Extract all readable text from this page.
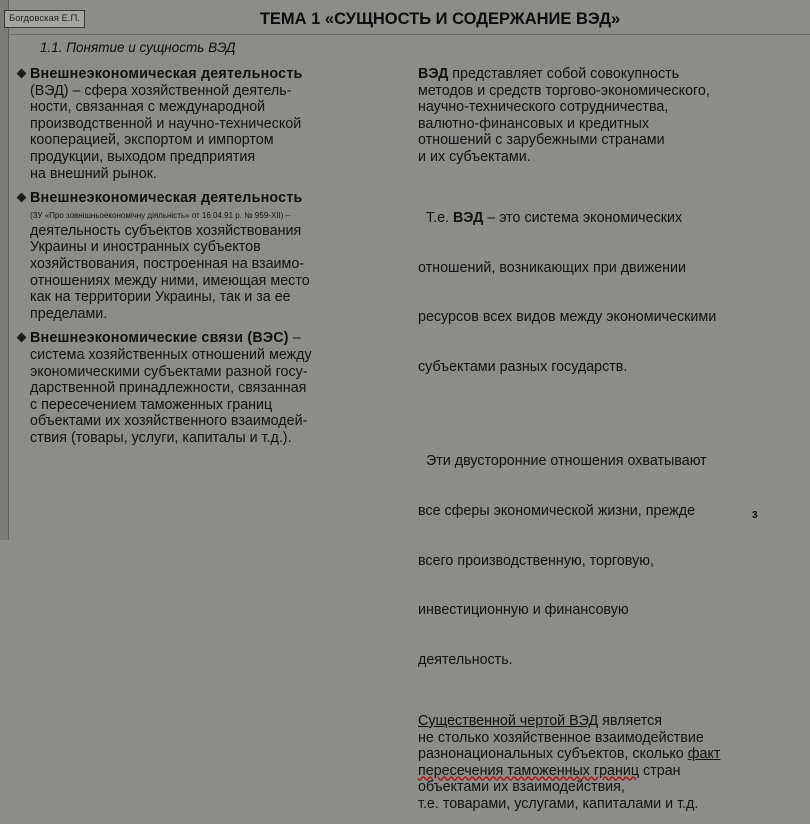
Богдовская Е.П.	ТЕМА 1 «СУЩНОСТЬ И СОДЕРЖАНИЕ ВЭД»
1.1. Понятие и сущность ВЭД
Внешнеэкономическая деятельность
(ВЭД) – сфера хозяйственной деятель-
ности, связанная с международной
производственной и научно-технической
кооперацией, экспортом и импортом
продукции, выходом предприятия
на внешний рынок.
Внешнеэкономическая деятельность
(ЗУ «Про зовнішньоекономічну діяльність» от 16.04.91 р. № 959-XII) –
деятельность субъектов хозяйствования
Украины и иностранных субъектов
хозяйствования, построенная на взаимо-
отношениях между ними, имеющая место
как на территории Украины, так и за ее
пределами.
Внешнеэкономические связи (ВЭС) –
система хозяйственных отношений между
экономическими субъектами разной госу-
дарственной принадлежности, связанная
с пересечением таможенных границ
объектами их хозяйственного взаимодей-
ствия (товары, услуги, капиталы и т.д.).
ВЭД представляет собой совокупность
методов и средств торгово-экономического,
научно-технического сотрудничества,
валютно-финансовых и кредитных
отношений с зарубежными странами
и их субъектами.

Т.е. ВЭД – это система экономических

отношений, возникающих при движении

ресурсов всех видов между экономическими

субъектами разных государств.

Эти двусторонние отношения охватывают

все сферы экономической жизни, прежде

всего производственную, торговую,

инвестиционную и финансовую

деятельность.

Существенной чертой ВЭД является
не столько хозяйственное взаимодействие
разнонациональных субъектов, сколько факт
пересечения таможенных границ стран
объектами их взаимодействия,
т.е. товарами, услугами, капиталами и т.д.
3
